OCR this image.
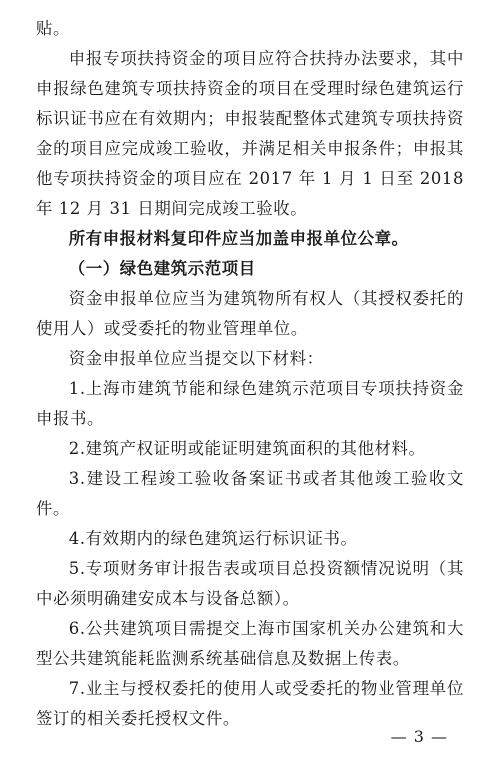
贴。

申报专项扶持资金的项目应符合扶持办法要求，其中申报绿色建筑专项扶持资金的项目在受理时绿色建筑运行标识证书应在有效期内；申报装配整体式建筑专项扶持资金的项目应完成竣工验收，并满足相关申报条件；申报其他专项扶持资金的项目应在 2017 年 1 月 1 日至 2018 年 12 月 31 日期间完成竣工验收。

所有申报材料复印件应当加盖申报单位公章。

（一）绿色建筑示范项目

资金申报单位应当为建筑物所有权人（其授权委托的使用人）或受委托的物业管理单位。

资金申报单位应当提交以下材料：

1.上海市建筑节能和绿色建筑示范项目专项扶持资金申报书。

2.建筑产权证明或能证明建筑面积的其他材料。

3.建设工程竣工验收备案证书或者其他竣工验收文件。

4.有效期内的绿色建筑运行标识证书。

5.专项财务审计报告表或项目总投资额情况说明（其中必须明确建安成本与设备总额）。

6.公共建筑项目需提交上海市国家机关办公建筑和大型公共建筑能耗监测系统基础信息及数据上传表。

7.业主与授权委托的使用人或受委托的物业管理单位签订的相关委托授权文件。

— 3 —
